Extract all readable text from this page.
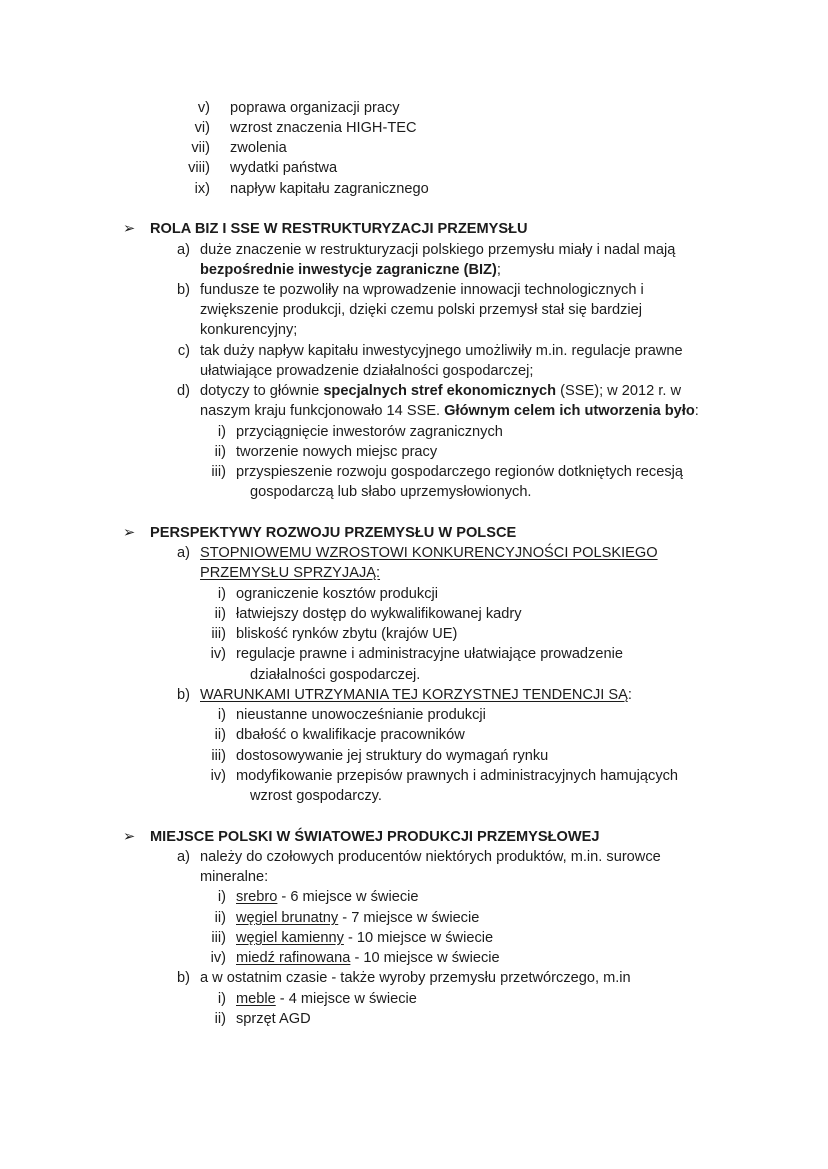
v) poprawa organizacji pracy
vi) wzrost znaczenia HIGH-TEC
vii) zwolenia
viii) wydatki państwa
ix) napływ kapitału zagranicznego
➢ ROLA BIZ I SSE W RESTRUKTURYZACJI PRZEMYSŁU
a) duże znaczenie w restrukturyzacji polskiego przemysłu miały i nadal mają
bezpośrednie inwestycje zagraniczne (BIZ);
b) fundusze te pozwoliły na wprowadzenie innowacji technologicznych i
zwiększenie produkcji, dzięki czemu polski przemysł stał się bardziej
konkurencyjny;
c) tak duży napływ kapitału inwestycyjnego umożliwiły m.in. regulacje prawne
ułatwiające prowadzenie działalności gospodarczej;
d) dotyczy to głównie specjalnych stref ekonomicznych (SSE); w 2012 r. w
naszym kraju funkcjonowało 14 SSE. Głównym celem ich utworzenia było:
i) przyciągnięcie inwestorów zagranicznych
ii) tworzenie nowych miejsc pracy
iii) przyspieszenie rozwoju gospodarczego regionów dotkniętych recesją
gospodarczą lub słabo uprzemysłowionych.
➢ PERSPEKTYWY ROZWOJU PRZEMYSŁU W POLSCE
a) STOPNIOWEMU WZROSTOWI KONKURENCYJNOŚCI POLSKIEGO
PRZEMYSŁU SPRZYJAJĄ:
i) ograniczenie kosztów produkcji
ii) łatwiejszy dostęp do wykwalifikowanej kadry
iii) bliskość rynków zbytu (krajów UE)
iv) regulacje prawne i administracyjne ułatwiające prowadzenie
działalności gospodarczej.
b) WARUNKAMI UTRZYMANIA TEJ KORZYSTNEJ TENDENCJI SĄ:
i) nieustanne unowocześnianie produkcji
ii) dbałość o kwalifikacje pracowników
iii) dostosowywanie jej struktury do wymagań rynku
iv) modyfikowanie przepisów prawnych i administracyjnych hamujących
wzrost gospodarczy.
➢ MIEJSCE POLSKI W ŚWIATOWEJ PRODUKCJI PRZEMYSŁOWEJ
a) należy do czołowych producentów niektórych produktów, m.in. surowce
mineralne:
i) srebro - 6 miejsce w świecie
ii) węgiel brunatny - 7 miejsce w świecie
iii) węgiel kamienny - 10 miejsce w świecie
iv) miedź rafinowana - 10 miejsce w świecie
b) a w ostatnim czasie - także wyroby przemysłu przetwórczego, m.in
i) meble - 4 miejsce w świecie
ii) sprzęt AGD
